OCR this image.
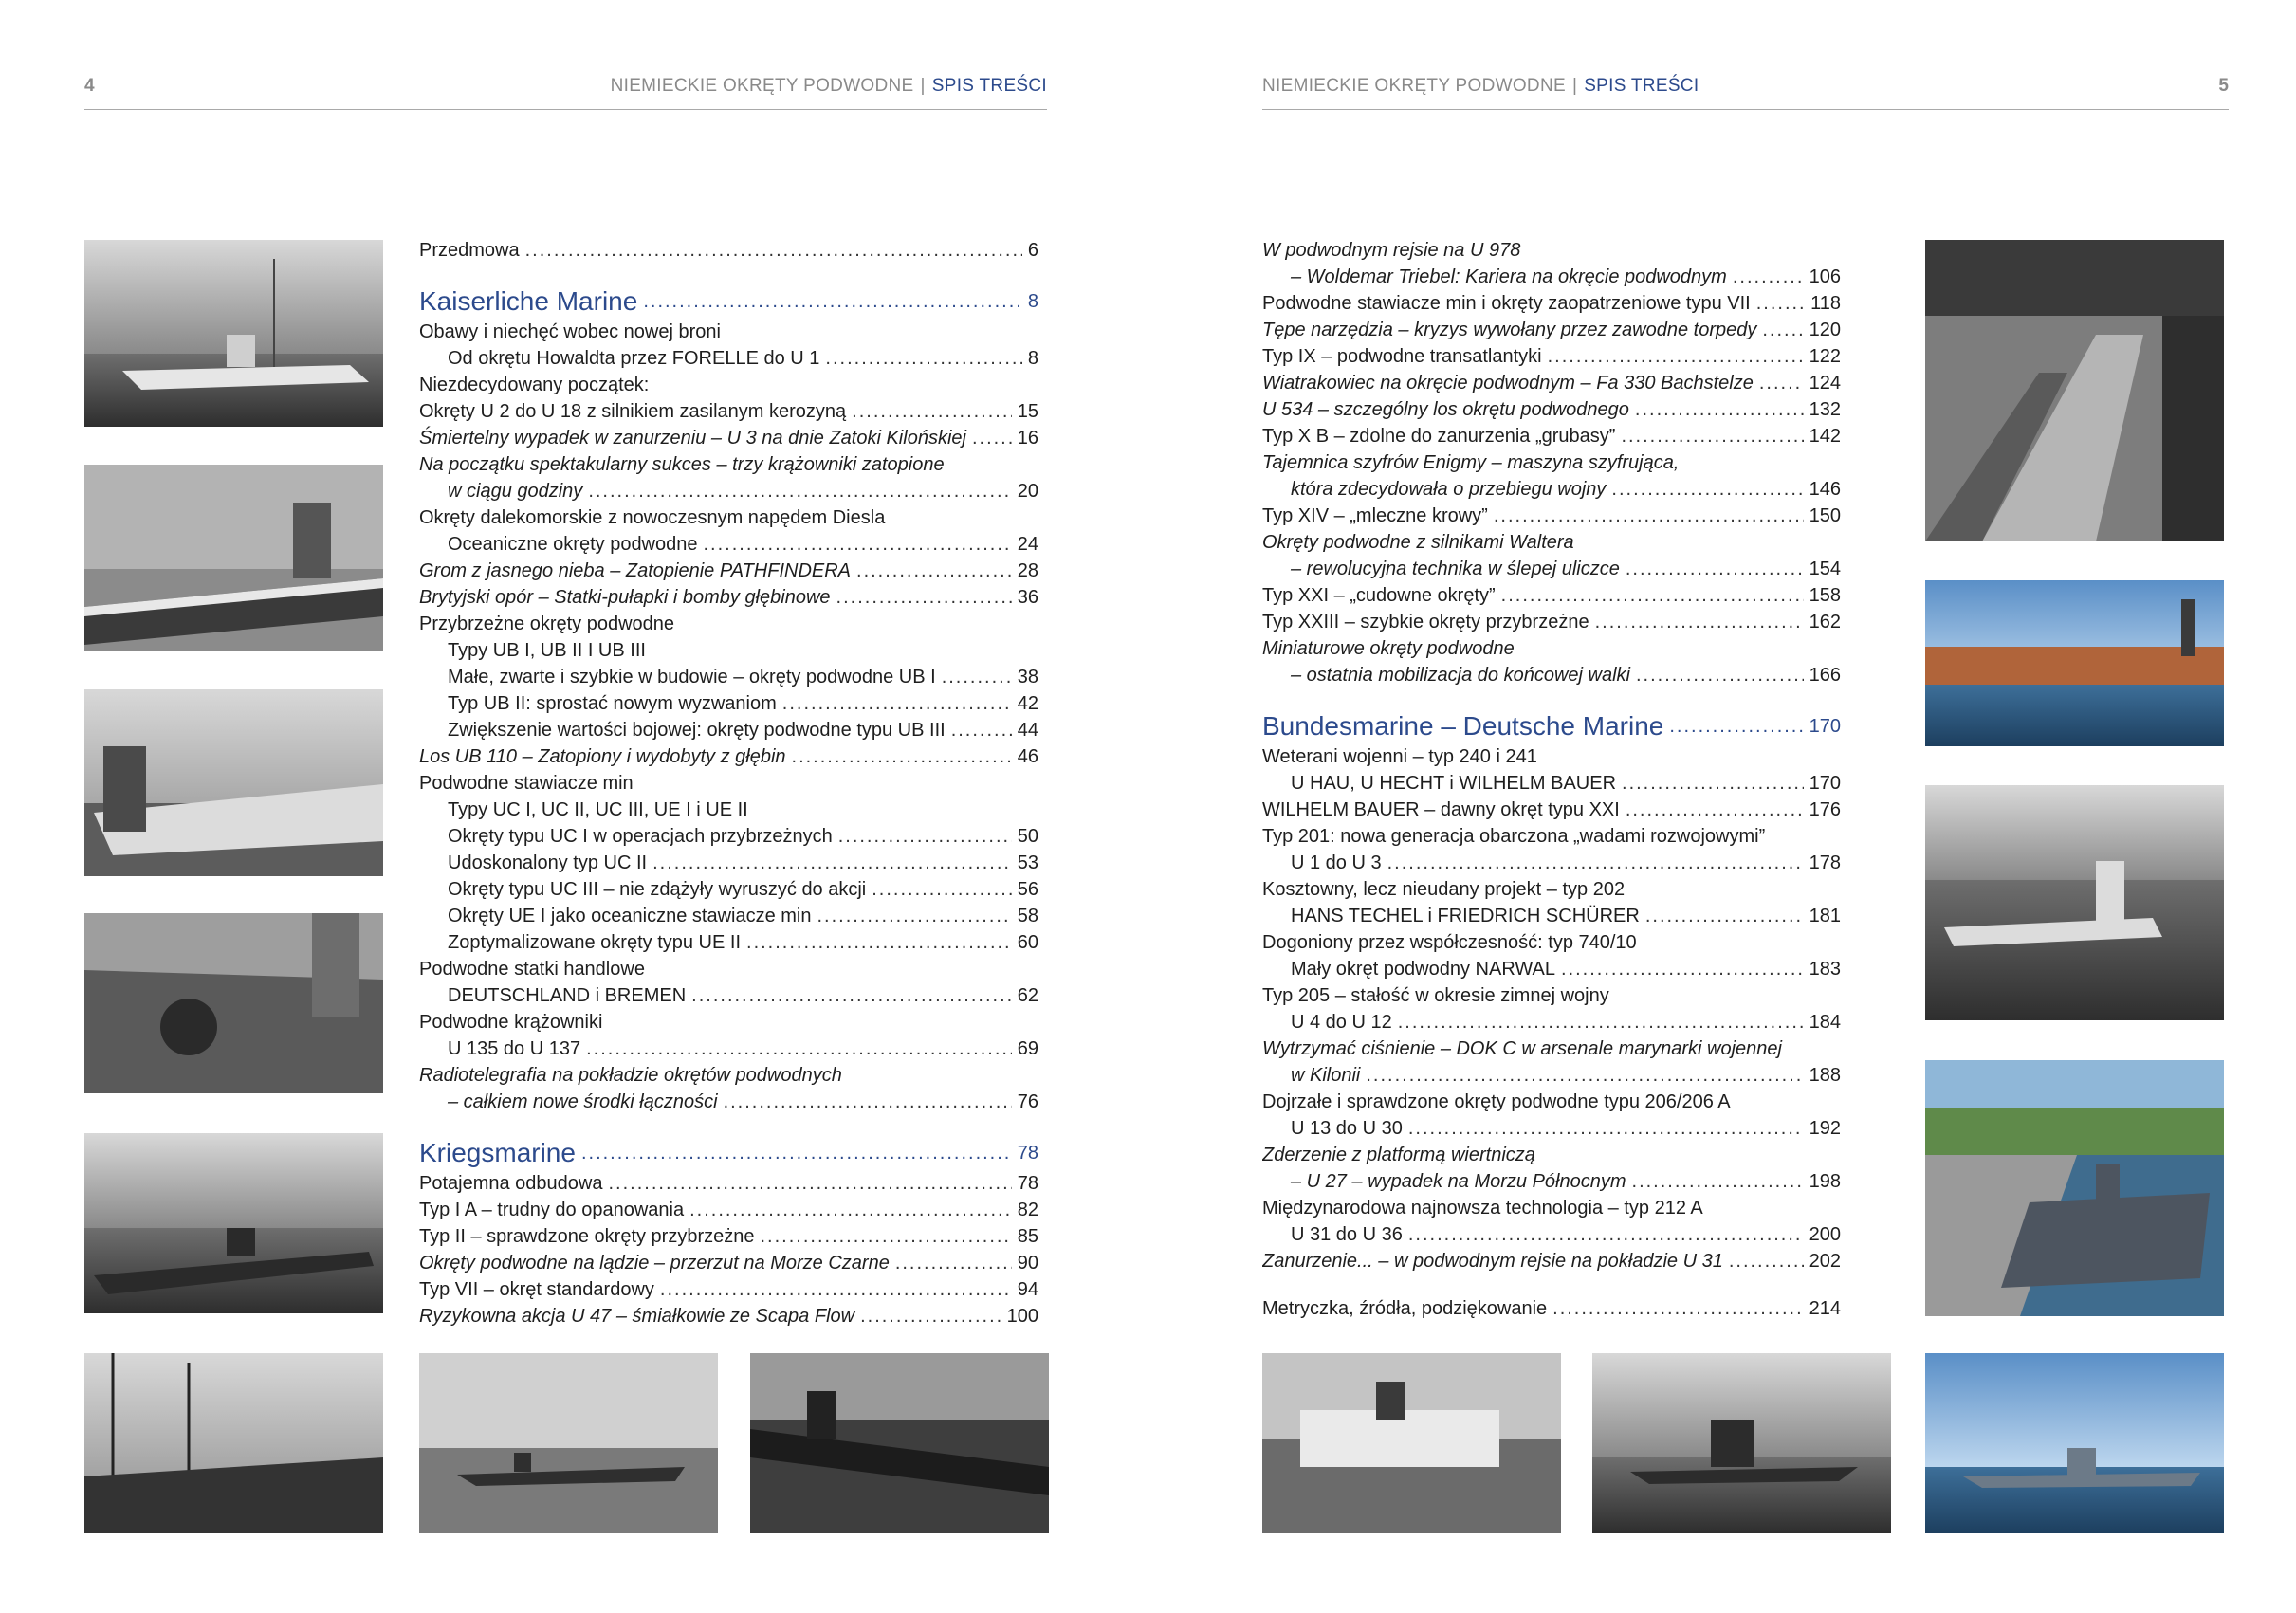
4	NIEMIECKIE OKRĘTY PODWODNE | SPIS TREŚCI	NIEMIECKIE OKRĘTY PODWODNE | SPIS TREŚCI	5
Przedmowa .....	6
Kaiserliche Marine .....	8
Obawy i niechęć wobec nowej broni
Od okrętu Howaldta przez FORELLE do U 1 .....	8
Niezdecydowany początek:
Okręty U 2 do U 18 z silnikiem zasilanym kerozyną .....	15
Śmiertelny wypadek w zanurzeniu – U 3 na dnie Zatoki Kilońskiej .....	16
Na początku spektakularny sukces – trzy krążowniki zatopione
w ciągu godziny .....	20
Okręty dalekomorskie z nowoczesnym napędem Diesla
Oceaniczne okręty podwodne .....	24
Grom z jasnego nieba – Zatopienie PATHFINDERA .....	28
Brytyjski opór – Statki-pułapki i bomby głębinowe .....	36
Przybrzeżne okręty podwodne
Typy UB I, UB II I UB III
Małe, zwarte i szybkie w budowie – okręty podwodne UB I .....	38
Typ UB II: sprostać nowym wyzwaniom .....	42
Zwiększenie wartości bojowej: okręty podwodne typu UB III .....	44
Los UB 110 – Zatopiony i wydobyty z głębin .....	46
Podwodne stawiacze min
Typy UC I, UC II, UC III, UE I i UE II
Okręty typu UC I w operacjach przybrzeżnych .....	50
Udoskonalony typ UC II .....	53
Okręty typu UC III – nie zdążyły wyruszyć do akcji .....	56
Okręty UE I jako oceaniczne stawiacze min .....	58
Zoptymalizowane okręty typu UE II .....	60
Podwodne statki handlowe
DEUTSCHLAND i BREMEN .....	62
Podwodne krążowniki
U 135 do U 137 .....	69
Radiotelegrafia na pokładzie okrętów podwodnych
– całkiem nowe środki łączności .....	76
Kriegsmarine .....	78
Potajemna odbudowa .....	78
Typ I A – trudny do opanowania .....	82
Typ II – sprawdzone okręty przybrzeżne .....	85
Okręty podwodne na lądzie – przerzut na Morze Czarne .....	90
Typ VII – okręt standardowy .....	94
Ryzykowna akcja U 47 – śmiałkowie ze Scapa Flow .....	100
W podwodnym rejsie na U 978
– Woldemar Triebel: Kariera na okręcie podwodnym .....	106
Podwodne stawiacze min i okręty zaopatrzeniowe typu VII .....	118
Tępe narzędzia – kryzys wywołany przez zawodne torpedy .....	120
Typ IX – podwodne transatlantyki .....	122
Wiatrakowiec na okręcie podwodnym – Fa 330 Bachstelze .....	124
U 534 – szczególny los okrętu podwodnego .....	132
Typ X B – zdolne do zanurzenia „grubasy” .....	142
Tajemnica szyfrów Enigmy – maszyna szyfrująca,
która zdecydowała o przebiegu wojny .....	146
Typ XIV – „mleczne krowy” .....	150
Okręty podwodne z silnikami Waltera
– rewolucyjna technika w ślepej uliczce .....	154
Typ XXI – „cudowne okręty” .....	158
Typ XXIII – szybkie okręty przybrzeżne .....	162
Miniaturowe okręty podwodne
– ostatnia mobilizacja do końcowej walki .....	166
Bundesmarine – Deutsche Marine .....	170
Weterani wojenni – typ 240 i 241
U HAU, U HECHT i WILHELM BAUER .....	170
WILHELM BAUER – dawny okręt typu XXI .....	176
Typ 201: nowa generacja obarczona „wadami rozwojowymi”
U 1 do U 3 .....	178
Kosztowny, lecz nieudany projekt – typ 202
HANS TECHEL i FRIEDRICH SCHÜRER .....	181
Dogoniony przez współczesność: typ 740/10
Mały okręt podwodny NARWAL .....	183
Typ 205 – stałość w okresie zimnej wojny
U 4 do U 12 .....	184
Wytrzymać ciśnienie – DOK C w arsenale marynarki wojennej
w Kilonii .....	188
Dojrzałe i sprawdzone okręty podwodne typu 206/206 A
U 13 do U 30 .....	192
Zderzenie z platformą wiertniczą
– U 27 – wypadek na Morzu Północnym .....	198
Międzynarodowa najnowsza technologia – typ 212 A
U 31 do U 36 .....	200
Zanurzenie... – w podwodnym rejsie na pokładzie U 31 .....	202
Metryczka, źródła, podziękowanie .....	214
